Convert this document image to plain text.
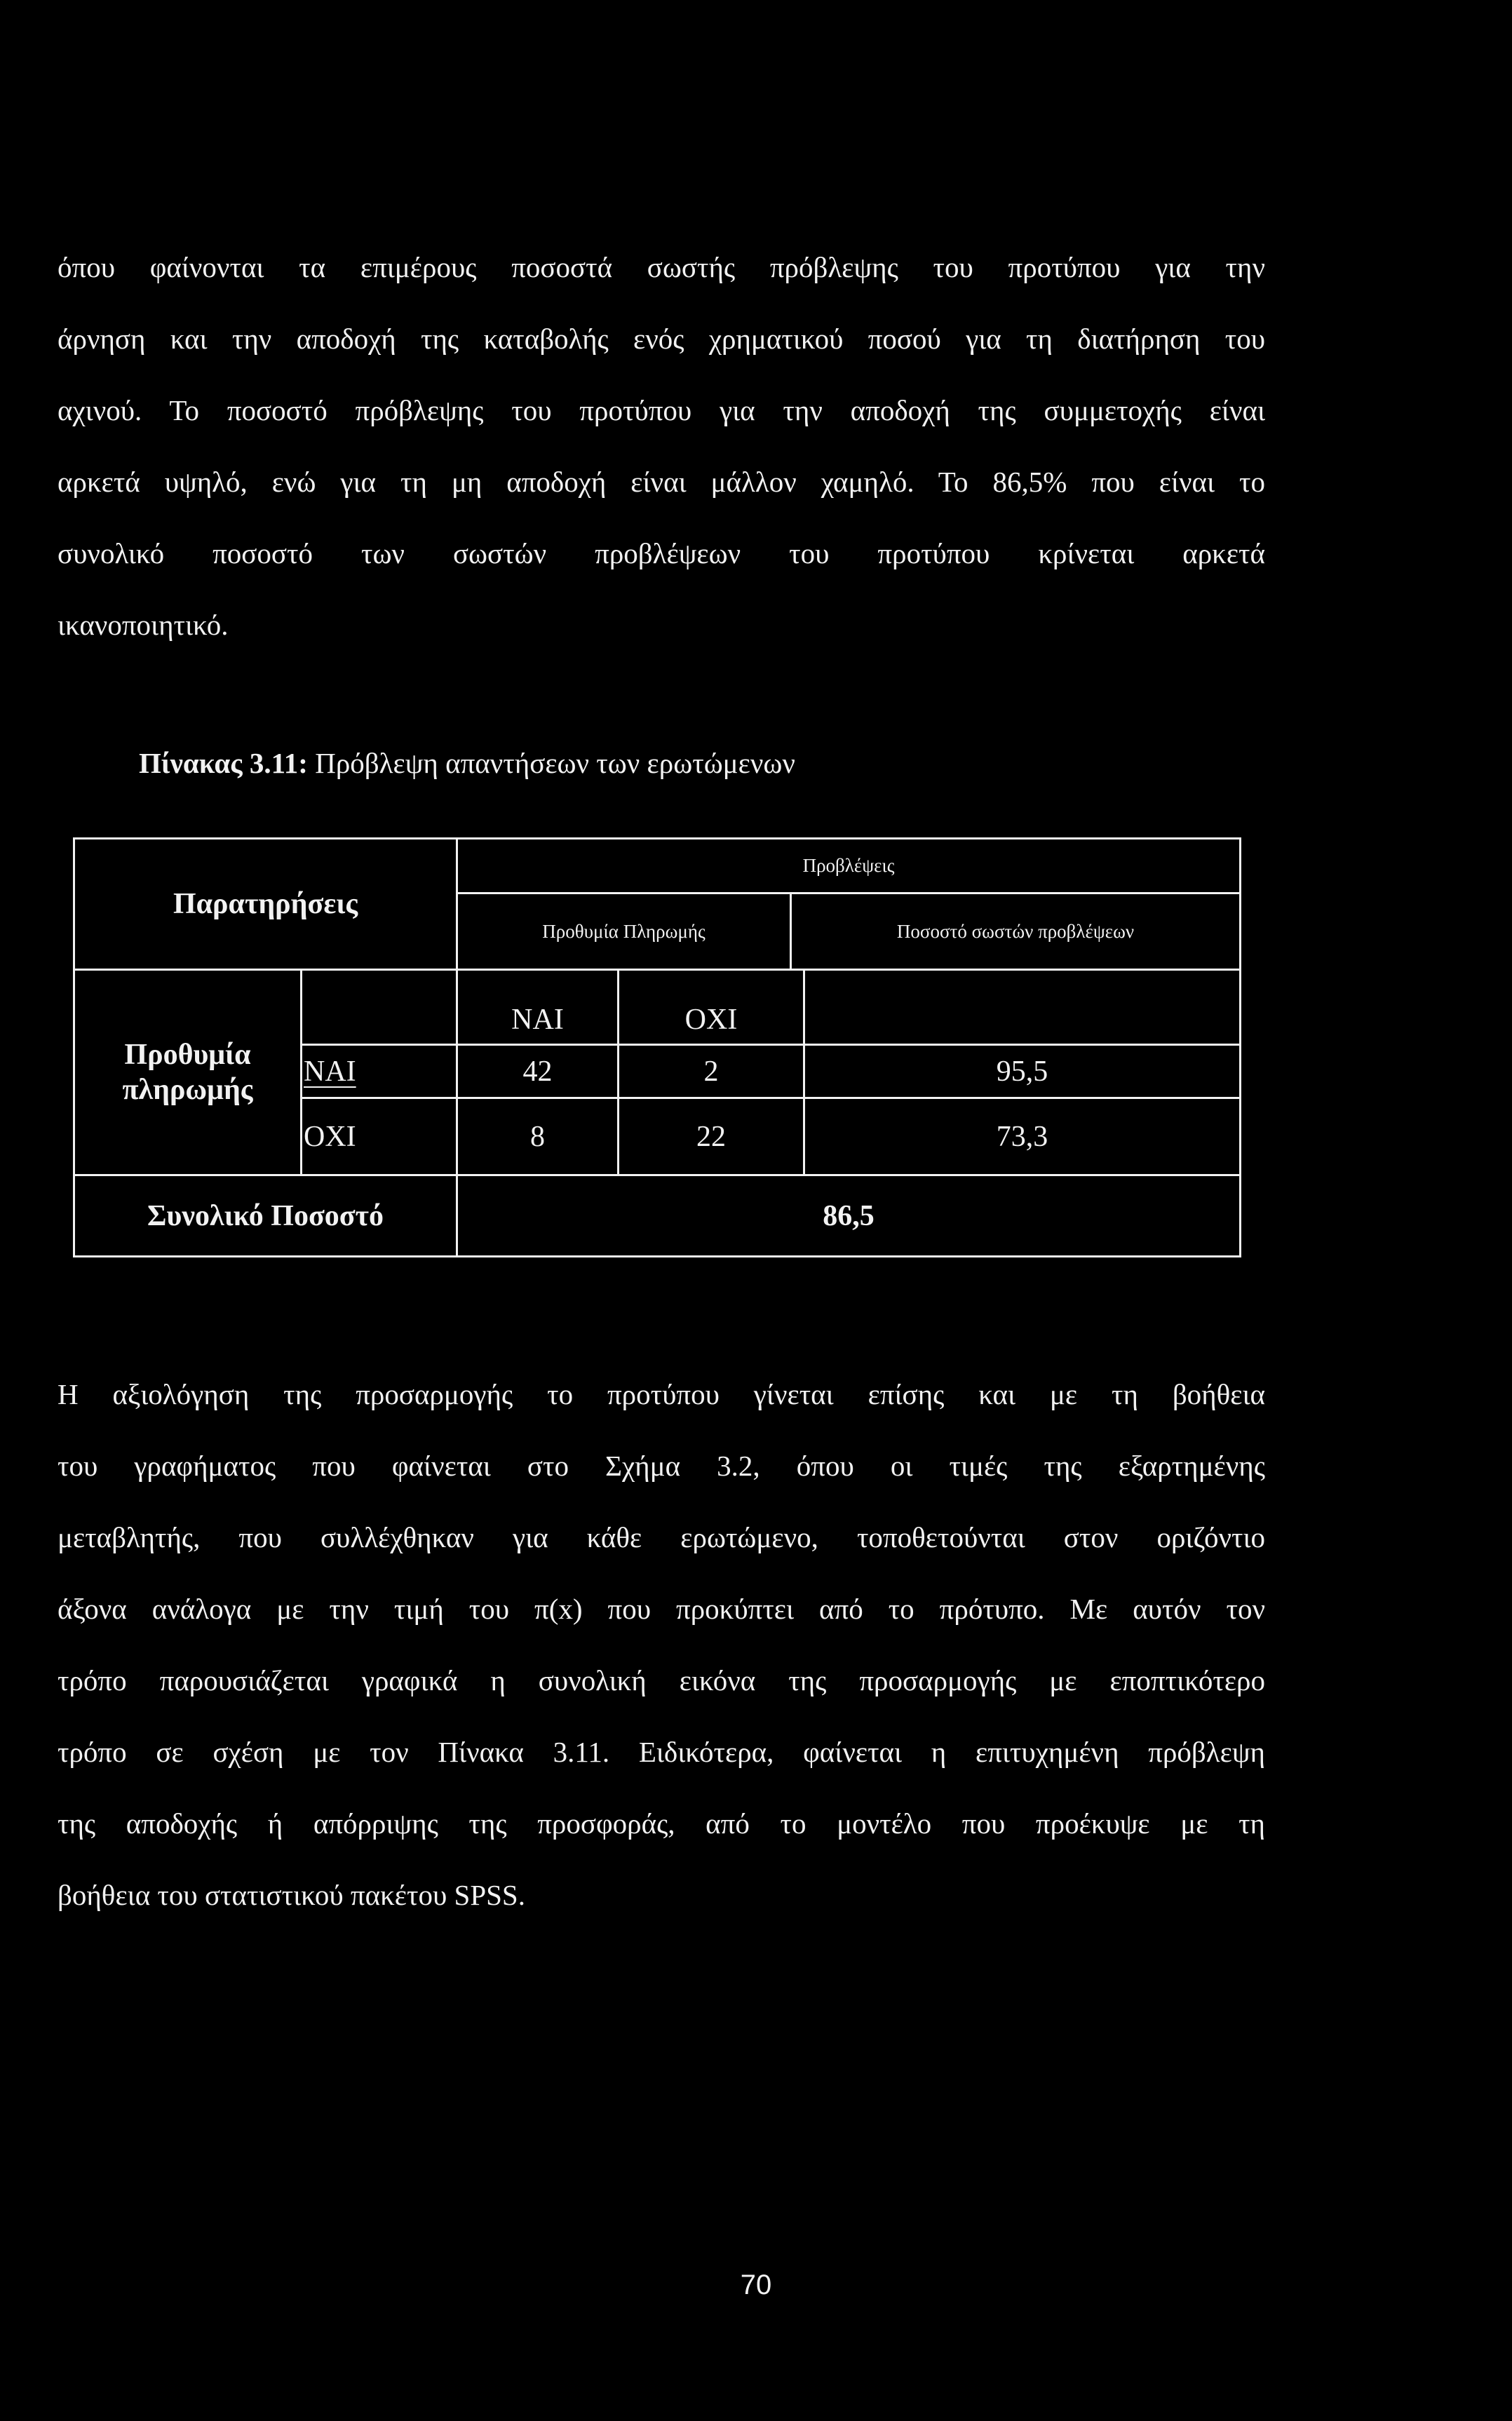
όπου φαίνονται τα επιμέρους ποσοστά σωστής πρόβλεψης του προτύπου για την
άρνηση και την αποδοχή της καταβολής ενός χρηματικού ποσού για τη διατήρηση του
αχινού. Το ποσοστό πρόβλεψης του προτύπου για την αποδοχή της συμμετοχής είναι
αρκετά υψηλό, ενώ για τη μη αποδοχή είναι μάλλον χαμηλό. Το 86,5% που είναι το
συνολικό ποσοστό των σωστών προβλέψεων του προτύπου κρίνεται αρκετά
ικανοποιητικό.
Πίνακας 3.11: Πρόβλεψη απαντήσεων των ερωτώμενων
Παρατηρήσεις
Προβλέψεις
Προθυμία Πληρωμής	Ποσοστό σωστών προβλέψεων
Προθυμία
πληρωμής
ΝΑΙ	ΟΧΙ
ΝΑΙ	42	2	95,5
ΟΧΙ	8	22	73,3
Συνολικό Ποσοστό	86,5
Η αξιολόγηση της προσαρμογής το προτύπου γίνεται επίσης και με τη βοήθεια
του γραφήματος που φαίνεται στο Σχήμα 3.2, όπου οι τιμές της εξαρτημένης
μεταβλητής, που συλλέχθηκαν για κάθε ερωτώμενο, τοποθετούνται στον οριζόντιο
άξονα ανάλογα με την τιμή του π(x) που προκύπτει από το πρότυπο. Με αυτόν τον
τρόπο παρουσιάζεται γραφικά η συνολική εικόνα της προσαρμογής με εποπτικότερο
τρόπο σε σχέση με τον Πίνακα 3.11. Ειδικότερα, φαίνεται η επιτυχημένη πρόβλεψη
της αποδοχής ή απόρριψης της προσφοράς, από το μοντέλο που προέκυψε με τη
βοήθεια του στατιστικού πακέτου SPSS.
70
